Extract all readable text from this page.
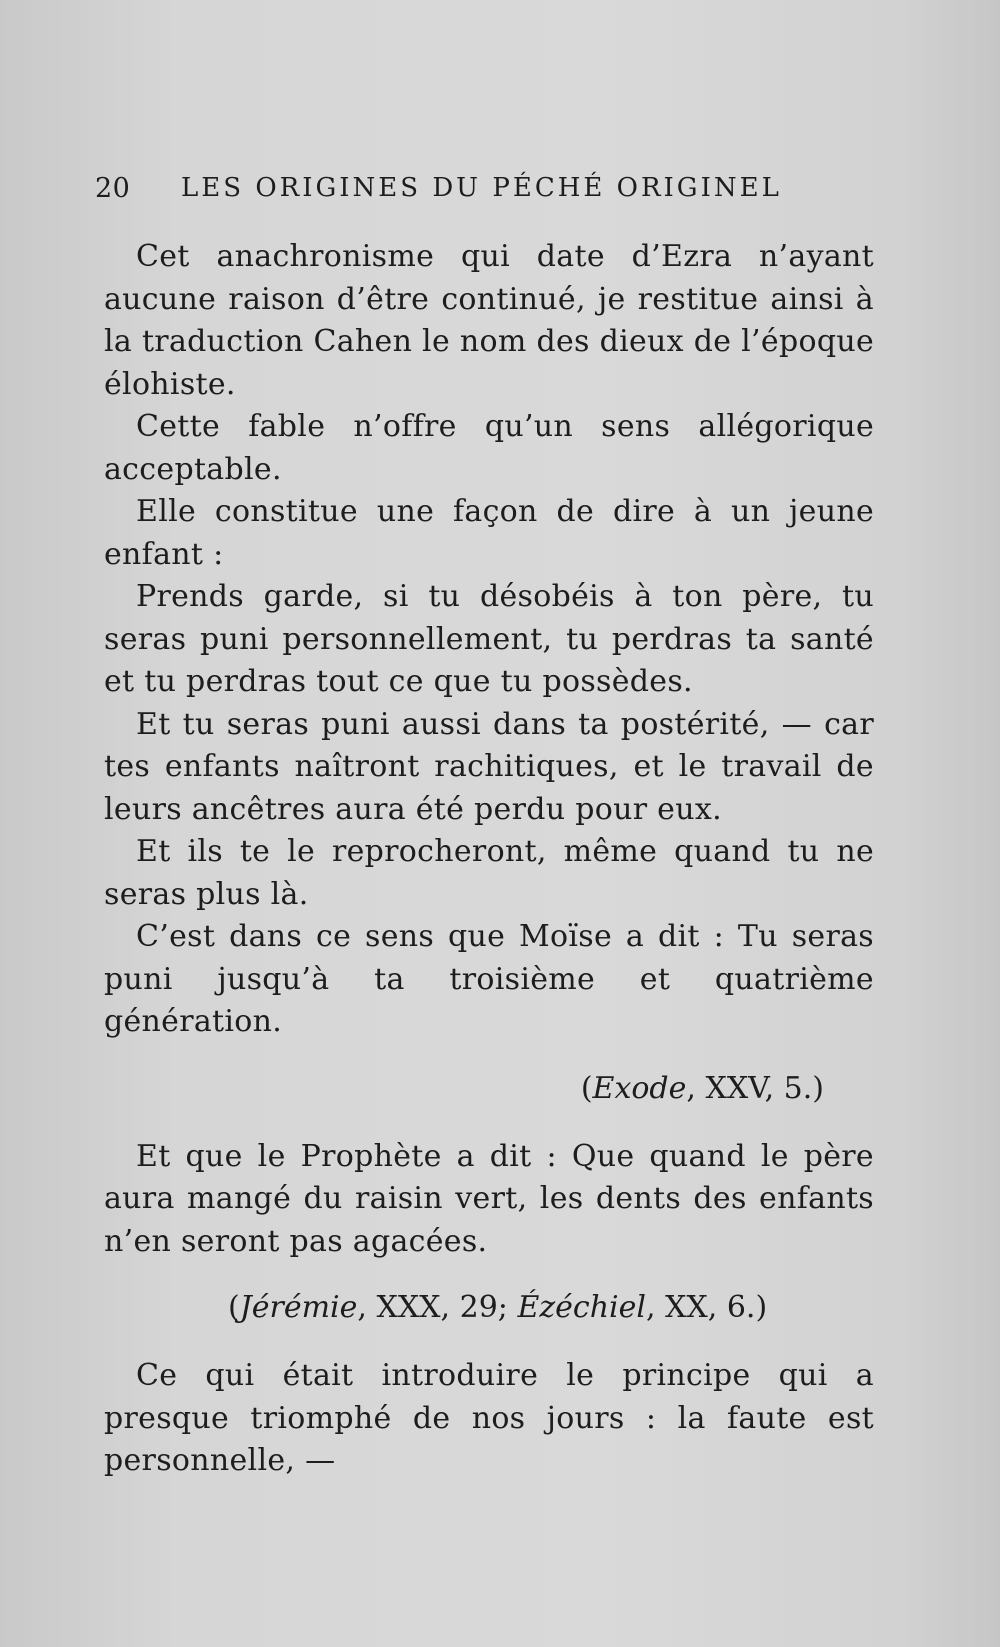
20 LES ORIGINES DU PÉCHÉ ORIGINEL

Cet anachronisme qui date d’Ezra n’ayant aucune raison d’être continué, je restitue ainsi à la traduction Cahen le nom des dieux de l’époque élohiste.

Cette fable n’offre qu’un sens allégorique acceptable.

Elle constitue une façon de dire à un jeune enfant :

Prends garde, si tu désobéis à ton père, tu seras puni personnellement, tu perdras ta santé et tu perdras tout ce que tu possèdes.

Et tu seras puni aussi dans ta postérité, — car tes enfants naîtront rachitiques, et le travail de leurs ancêtres aura été perdu pour eux.

Et ils te le reprocheront, même quand tu ne seras plus là.

C’est dans ce sens que Moïse a dit : Tu seras puni jusqu’à ta troisième et quatrième génération.

(Exode, XXV, 5.)

Et que le Prophète a dit : Que quand le père aura mangé du raisin vert, les dents des enfants n’en seront pas agacées.

(Jérémie, XXX, 29; Ézéchiel, XX, 6.)

Ce qui était introduire le principe qui a presque triomphé de nos jours : la faute est personnelle, —
